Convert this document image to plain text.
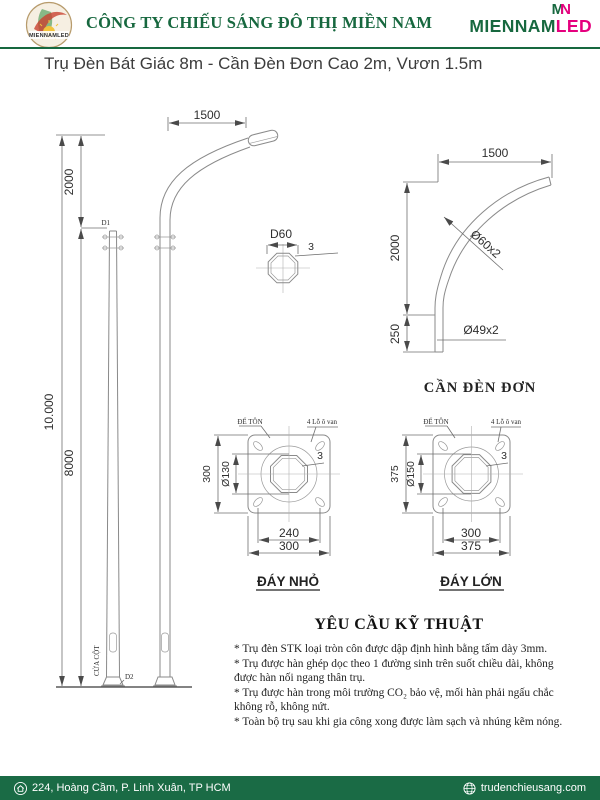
MIENNAMLED
CÔNG TY CHIẾU SÁNG ĐÔ THỊ MIỀN NAM
MN
MIENNAMLED
Trụ Đèn Bát Giác 8m - Cần Đèn Đơn Cao 2m, Vươn 1.5m
10.000
2000
8000
D1
CỬA CỘT
D2
1500
D60
3
1500
2000
250
Ø60x2
Ø49x2
CẦN ĐÈN ĐƠN
Ø130
300
3
ĐẾ TÔN	4 Lỗ ô van
240
300
ĐÁY NHỎ
Ø150
375
3
ĐẾ TÔN	4 Lỗ ô van
300
375
ĐÁY LỚN
YÊU CẦU KỸ THUẬT

* Trụ đèn STK loại tròn côn được dập định hình bằng tấm dày 3mm.

* Trụ được hàn ghép dọc theo 1 đường sinh trên suốt chiều dài, không được hàn nối ngang thân trụ.

* Trụ được hàn trong môi trường CO₂ bảo vệ, mối hàn phải ngấu chắc không rỗ, không nứt.

* Toàn bộ trụ sau khi gia công xong được làm sạch và nhúng kẽm nóng.

224, Hoàng Cầm, P. Linh Xuân, TP HCM	trudenchieusang.com
